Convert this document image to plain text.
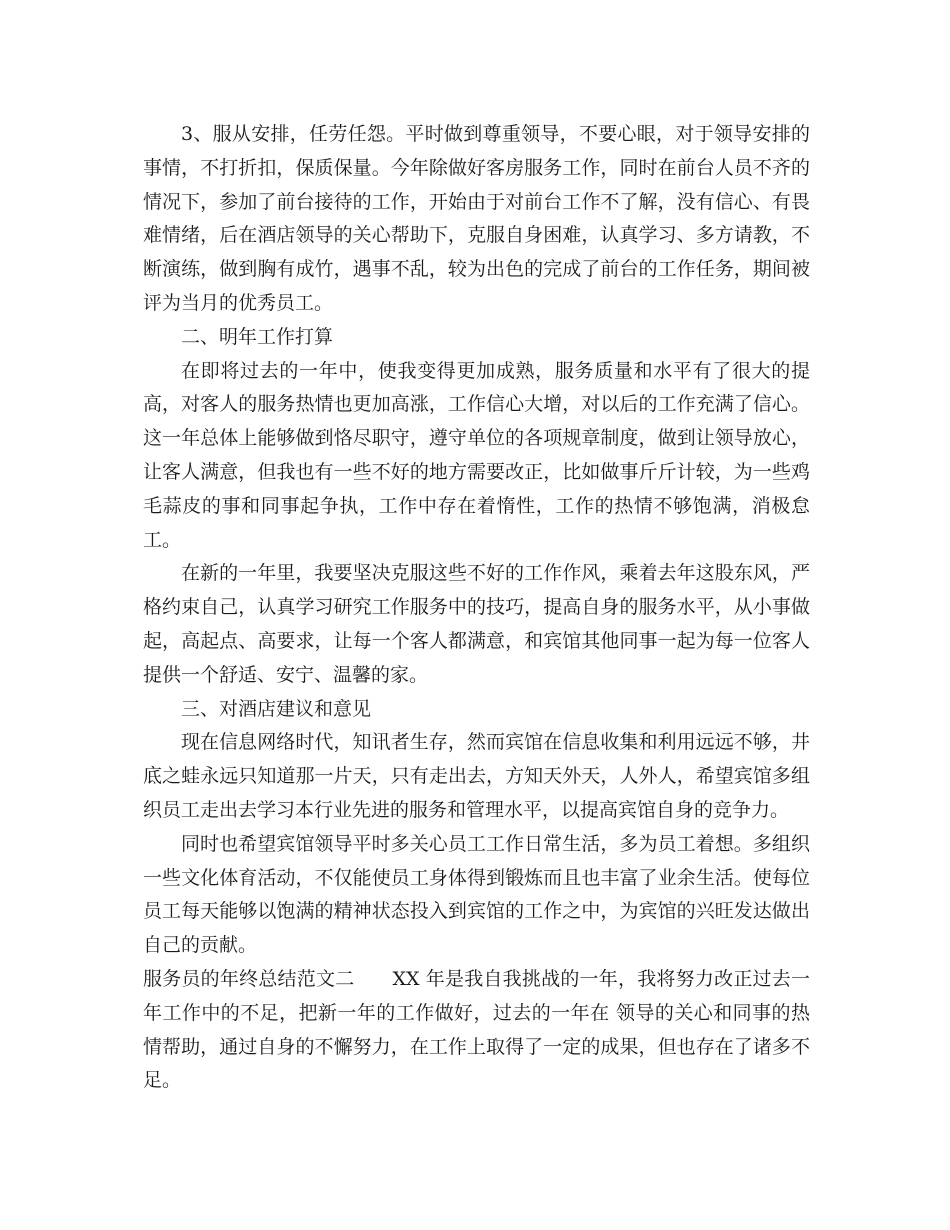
3、服从安排，任劳任怨。平时做到尊重领导，不要心眼，对于领导安排的事情，不打折扣，保质保量。今年除做好客房服务工作，同时在前台人员不齐的情况下，参加了前台接待的工作，开始由于对前台工作不了解，没有信心、有畏难情绪，后在酒店领导的关心帮助下，克服自身困难，认真学习、多方请教，不断演练，做到胸有成竹，遇事不乱，较为出色的完成了前台的工作任务，期间被评为当月的优秀员工。

二、明年工作打算

在即将过去的一年中，使我变得更加成熟，服务质量和水平有了很大的提高，对客人的服务热情也更加高涨，工作信心大增，对以后的工作充满了信心。这一年总体上能够做到恪尽职守，遵守单位的各项规章制度，做到让领导放心，让客人满意，但我也有一些不好的地方需要改正，比如做事斤斤计较，为一些鸡毛蒜皮的事和同事起争执，工作中存在着惰性，工作的热情不够饱满，消极怠工。

在新的一年里，我要坚决克服这些不好的工作作风，乘着去年这股东风，严格约束自己，认真学习研究工作服务中的技巧，提高自身的服务水平，从小事做起，高起点、高要求，让每一个客人都满意，和宾馆其他同事一起为每一位客人提供一个舒适、安宁、温馨的家。

三、对酒店建议和意见

现在信息网络时代，知讯者生存，然而宾馆在信息收集和利用远远不够，井底之蛙永远只知道那一片天，只有走出去，方知天外天，人外人，希望宾馆多组织员工走出去学习本行业先进的服务和管理水平，以提高宾馆自身的竞争力。

同时也希望宾馆领导平时多关心员工工作日常生活，多为员工着想。多组织一些文化体育活动，不仅能使员工身体得到锻炼而且也丰富了业余生活。使每位员工每天能够以饱满的精神状态投入到宾馆的工作之中，为宾馆的兴旺发达做出自己的贡献。

服务员的年终总结范文二 XX 年是我自我挑战的一年，我将努力改正过去一年工作中的不足，把新一年的工作做好，过去的一年在 领导的关心和同事的热情帮助，通过自身的不懈努力，在工作上取得了一定的成果，但也存在了诸多不足。
